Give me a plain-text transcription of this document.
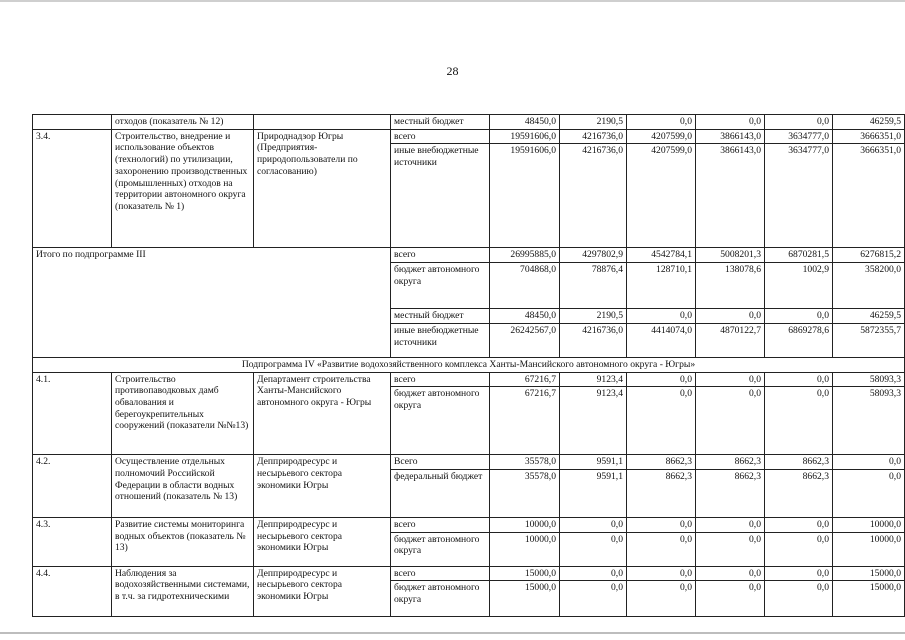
28
	отходов (показатель № 12)		местный бюджет	48450,0	2190,5	0,0	0,0	0,0	46259,5
3.4.	Строительство, внедрение и использование объектов (технологий) по утилизации, захоронению производственных (промышленных) отходов на территории автономного округа (показатель № 1)	Природнадзор Югры (Предприятия-природопользователи по согласованию)	всего	19591606,0	4216736,0	4207599,0	3866143,0	3634777,0	3666351,0
			иные внебюджетные источники	19591606,0	4216736,0	4207599,0	3866143,0	3634777,0	3666351,0
Итого по подпрограмме III			всего	26995885,0	4297802,9	4542784,1	5008201,3	6870281,5	6276815,2
			бюджет автономного округа	704868,0	78876,4	128710,1	138078,6	1002,9	358200,0
			местный бюджет	48450,0	2190,5	0,0	0,0	0,0	46259,5
			иные внебюджетные источники	26242567,0	4216736,0	4414074,0	4870122,7	6869278,6	5872355,7
Подпрограмма IV «Развитие водохозяйственного комплекса Ханты-Мансийского автономного округа - Югры»									
4.1.	Строительство противопаводковых дамб обвалования и берегоукрепительных сооружений (показатели №№13)	Департамент строительства Ханты-Мансийского автономного округа - Югры	всего	67216,7	9123,4	0,0	0,0	0,0	58093,3
			бюджет автономного округа	67216,7	9123,4	0,0	0,0	0,0	58093,3
4.2.	Осуществление отдельных полномочий Российской Федерации в области водных отношений (показатель № 13)	Депприродресурс и несырьевого сектора экономики Югры	Всего	35578,0	9591,1	8662,3	8662,3	8662,3	0,0
			федеральный бюджет	35578,0	9591,1	8662,3	8662,3	8662,3	0,0
4.3.	Развитие системы мониторинга водных объектов (показатель № 13)	Депприродресурс и несырьевого сектора экономики Югры	всего	10000,0	0,0	0,0	0,0	0,0	10000,0
			бюджет автономного округа	10000,0	0,0	0,0	0,0	0,0	10000,0
4.4.	Наблюдения за водохозяйственными системами, в т.ч. за гидротехническими	Депприродресурс и несырьевого сектора экономики Югры	всего	15000,0	0,0	0,0	0,0	0,0	15000,0
			бюджет автономного округа	15000,0	0,0	0,0	0,0	0,0	15000,0
